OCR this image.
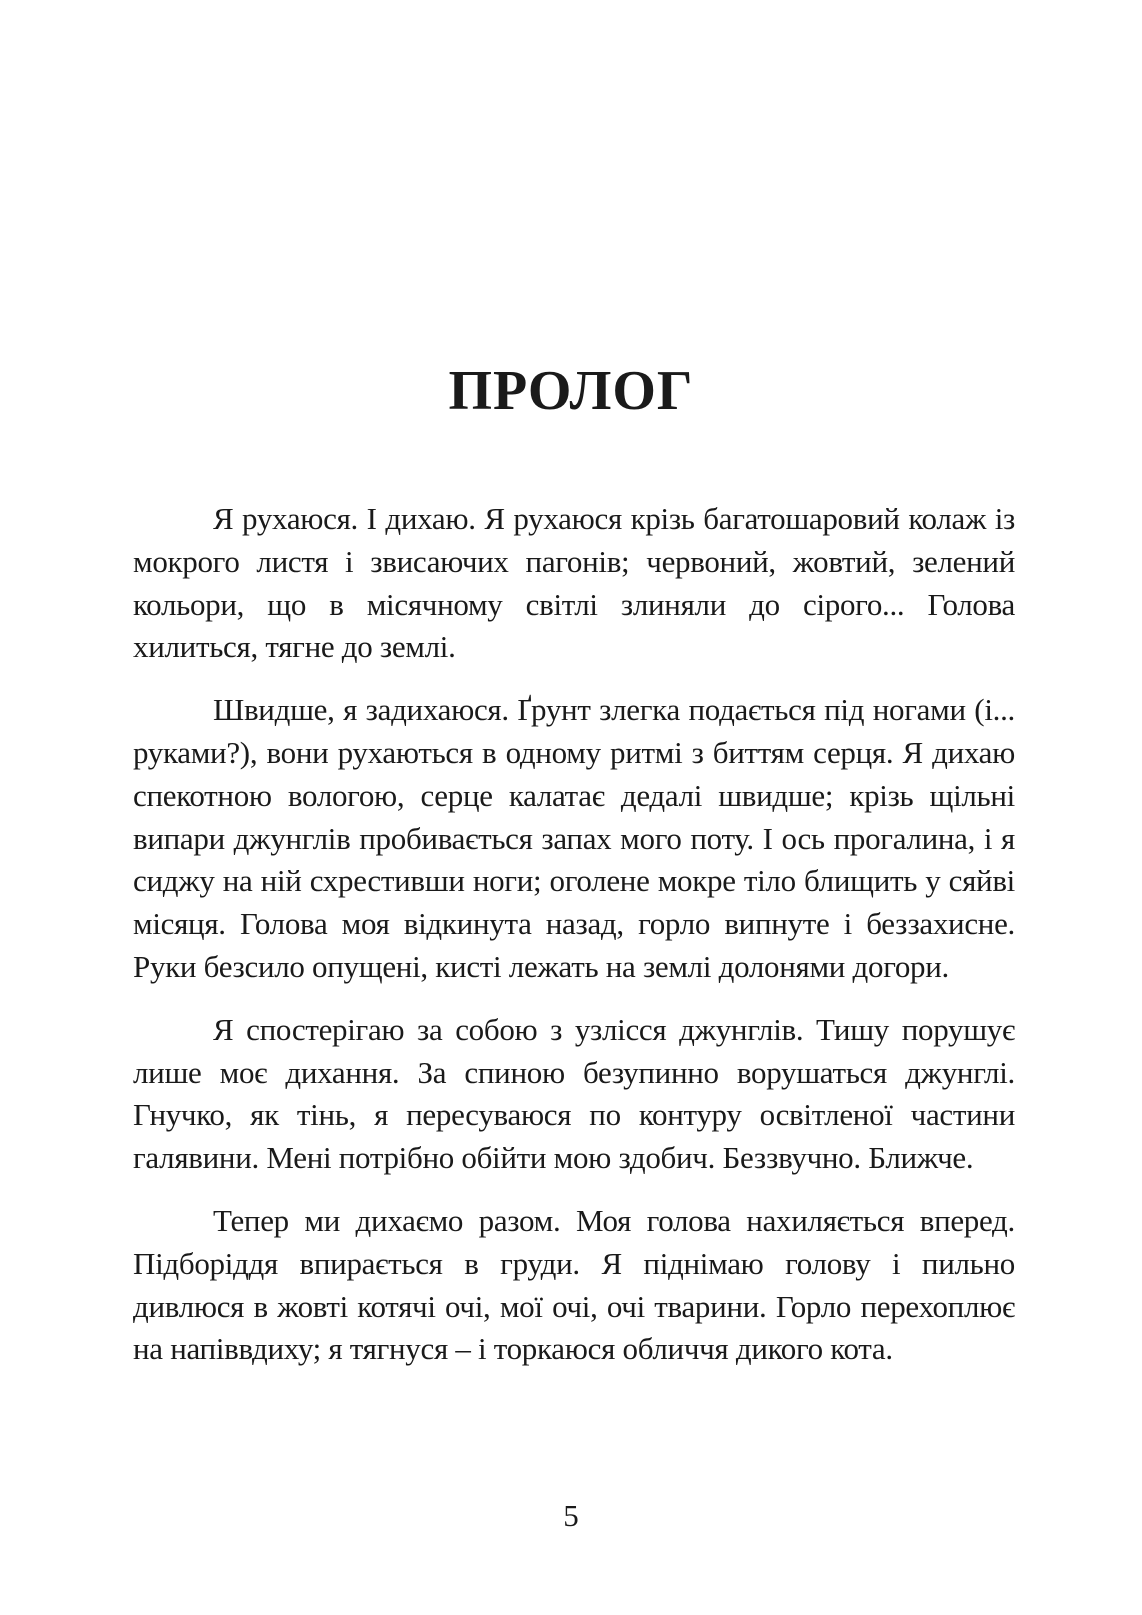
ПРОЛОГ

Я рухаюся. І дихаю. Я рухаюся крізь багатошаровий колаж із мокрого листя і звисаючих пагонів; червоний, жовтий, зелений кольори, що в місячному світлі злиняли до сірого... Голова хилиться, тягне до землі.

Швидше, я задихаюся. Ґрунт злегка подається під ногами (і... руками?), вони рухаються в одному ритмі з биттям серця. Я дихаю спекотною вологою, серце калатає дедалі швидше; крізь щільні випари джунглів пробивається запах мого поту. І ось прогалина, і я сиджу на ній схрестивши ноги; оголене мокре тіло блищить у сяйві місяця. Голова моя відкинута назад, горло випнуте і беззахисне. Руки безсило опущені, кисті лежать на землі долонями догори.

Я спостерігаю за собою з узлісся джунглів. Тишу порушує лише моє дихання. За спиною безупинно ворушаться джунглі. Гнучко, як тінь, я пересуваюся по контуру освітленої частини галявини. Мені потрібно обійти мою здобич. Беззвучно. Ближче.

Тепер ми дихаємо разом. Моя голова нахиляється вперед. Підборіддя впирається в груди. Я піднімаю голову і пильно дивлюся в жовті котячі очі, мої очі, очі тварини. Горло перехоплює на напіввдиху; я тягнуся – і торкаюся обличчя дикого кота.

5
